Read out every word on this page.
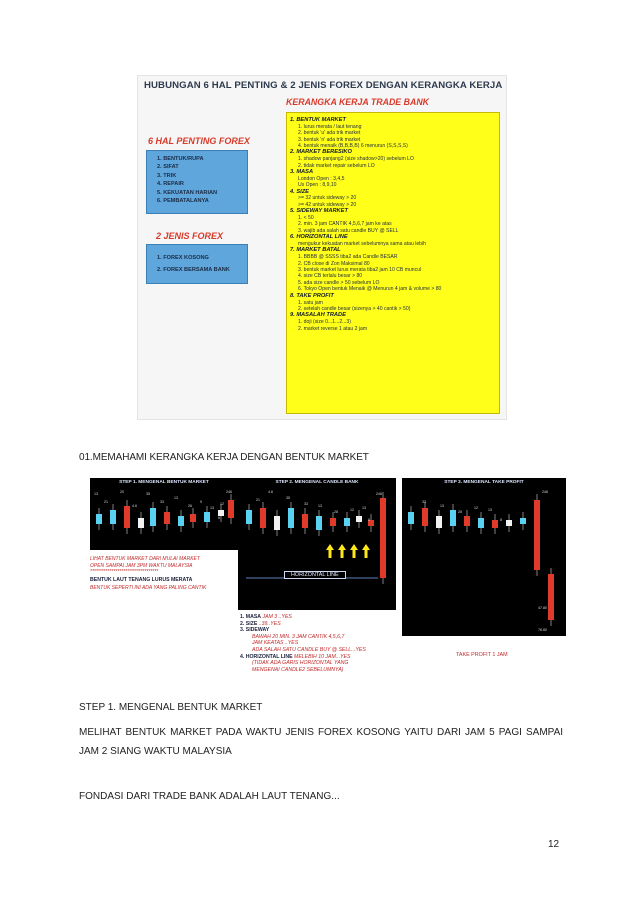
HUBUNGAN 6 HAL PENTING & 2 JENIS FOREX DENGAN KERANGKA KERJA
KERANGKA KERJA TRADE BANK
6 HAL PENTING FOREX
1. BENTUK/RUPA
2. SIFAT
3. TRIK
4. REPAIR
5. KEKUATAN HARIAN
6. PEMBATALANYA
2 JENIS FOREX
1. FOREX KOSONG
2. FOREX BERSAMA BANK
1. BENTUK MARKET
1. lurus merata / laut tenang
2. bentuk 'u' ada trik market
3. bentuk 'n' ada trik market
4. bentuk menaik (B,B,B,B) 6 menurun (S,S,S,S)
2. MARKET BERESIKO
1. shadow panjang2 (size shadow>20) sebelum LO
2. tidak market repair sebelum LO
3. MASA
London Open : 3,4,5
Us Open : 8,9,10
4. SIZE
>= 32 untuk sideway > 20
>= 42 untuk sideway > 20
5. SIDEWAY MARKET
1. < 50
2. min. 3 jam CANTIK 4,5,6,7 jam ke atas
3. wajib ada salah satu candle BUY @ SELL
6. HORIZONTAL LINE
mengukur kekuatan market sebelumnya sama atau lebih
7. MARKET BATAL
1. BBBB @ SSSS tiba2 ada Candle BESAR
2. CB close di Zon Maksimal 80
3. bentuk market lurus merata tiba2 jam 10 CB muncul
4. size CB terlalu besar > 80
5. ada size candle > 50 sebelum LO
6. Tokyo Open bentuk Menaik @ Menurun 4 jam & volume > 80
8. TAKE PROFIT
1. satu jam
2. setelah candle besar (sizenya > 40 cantik > 50)
9. MASALAH TRADE
1. doji (size 0...1...2...3)
2. market reverse 1 atau 2 jam
01.MEMAHAMI KERANGKA KERJA DENGAN BENTUK MARKET
STEP 1. MENGENAL BENTUK MARKET
13
21
20
4.6
35
33
13
26
9
13
12
8
246
LIHAT BENTUK MARKET DARI MULAI MARKET
OPEN SAMPAI JAM 3PM WAKTU MALAYSIA
***********************************
BENTUK LAUT TENANG LURUS MERATA
BENTUK SEPERTI INI ADA YANG PALING CANTIK
STEP 2. MENGENAL CANDLE BANK
HORIZONTAL LINE
21
4.6
35
33	13
28	12 13
8
246
1. MASA JAM 3 ..YES
2. SIZE ..39..YES
3. SIDEWAY
BAWAH 20 MIN. 3 JAM CANTIK 4,5,6,7
JAM KEATAS ..YES
ADA SALAH SATU CANDLE BUY @ SELL...YES
4. HORIZONTAL LINE MELEBIH 10 JAM...YES
(TIDAK ADA GARIS HORIZONTAL YANG
MENGENAI CANDLE2 SEBELUMNYA)
STEP 3. MENGENAL TAKE PROFIT
33
13
28
12	13
8
246
47.80
76.80
TAKE PROFIT 1 JAM
STEP 1. MENGENAL BENTUK MARKET
MELIHAT BENTUK MARKET PADA WAKTU JENIS FOREX KOSONG YAITU DARI JAM 5 PAGI SAMPAI
JAM 2 SIANG WAKTU MALAYSIA
FONDASI DARI TRADE BANK ADALAH LAUT TENANG...
12
